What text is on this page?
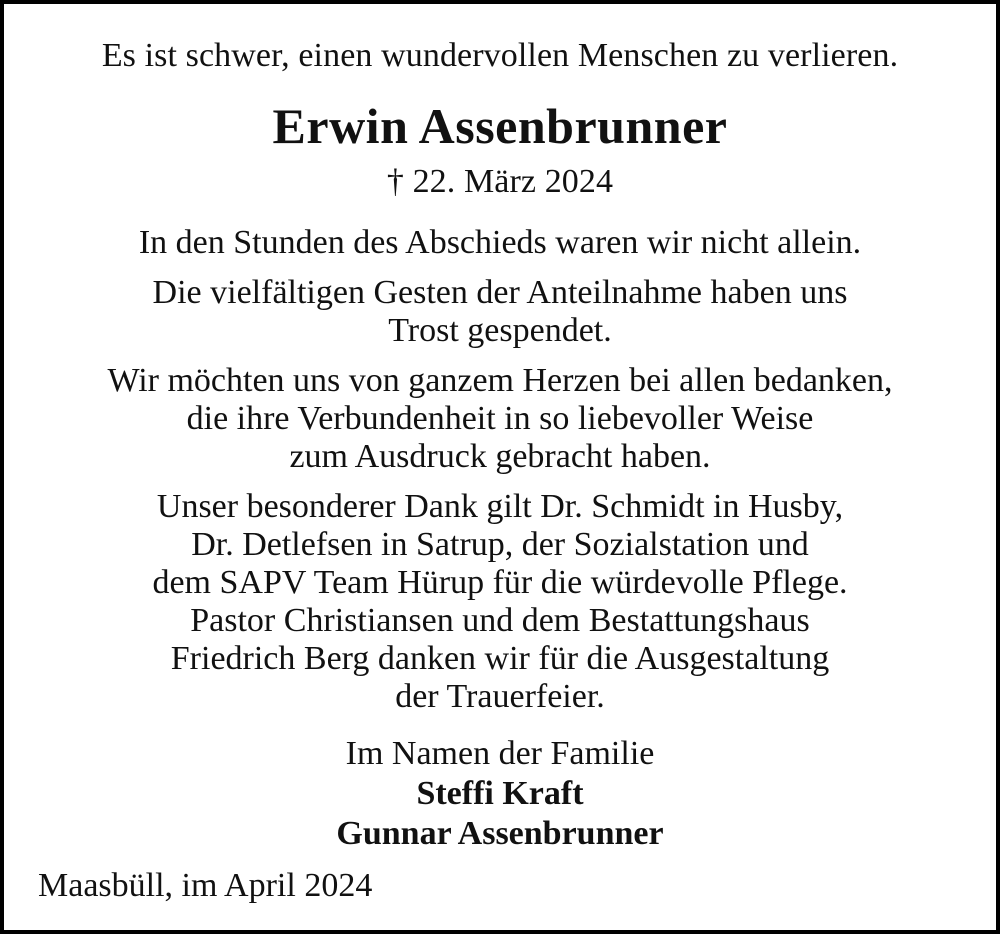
Es ist schwer, einen wundervollen Menschen zu verlieren.
Erwin Assenbrunner
† 22. März 2024
In den Stunden des Abschieds waren wir nicht allein.
Die vielfältigen Gesten der Anteilnahme haben uns
Trost gespendet.
Wir möchten uns von ganzem Herzen bei allen bedanken,
die ihre Verbundenheit in so liebevoller Weise
zum Ausdruck gebracht haben.
Unser besonderer Dank gilt Dr. Schmidt in Husby,
Dr. Detlefsen in Satrup, der Sozialstation und
dem SAPV Team Hürup für die würdevolle Pflege.
Pastor Christiansen und dem Bestattungshaus
Friedrich Berg danken wir für die Ausgestaltung
der Trauerfeier.
Im Namen der Familie
Steffi Kraft
Gunnar Assenbrunner
Maasbüll, im April 2024
